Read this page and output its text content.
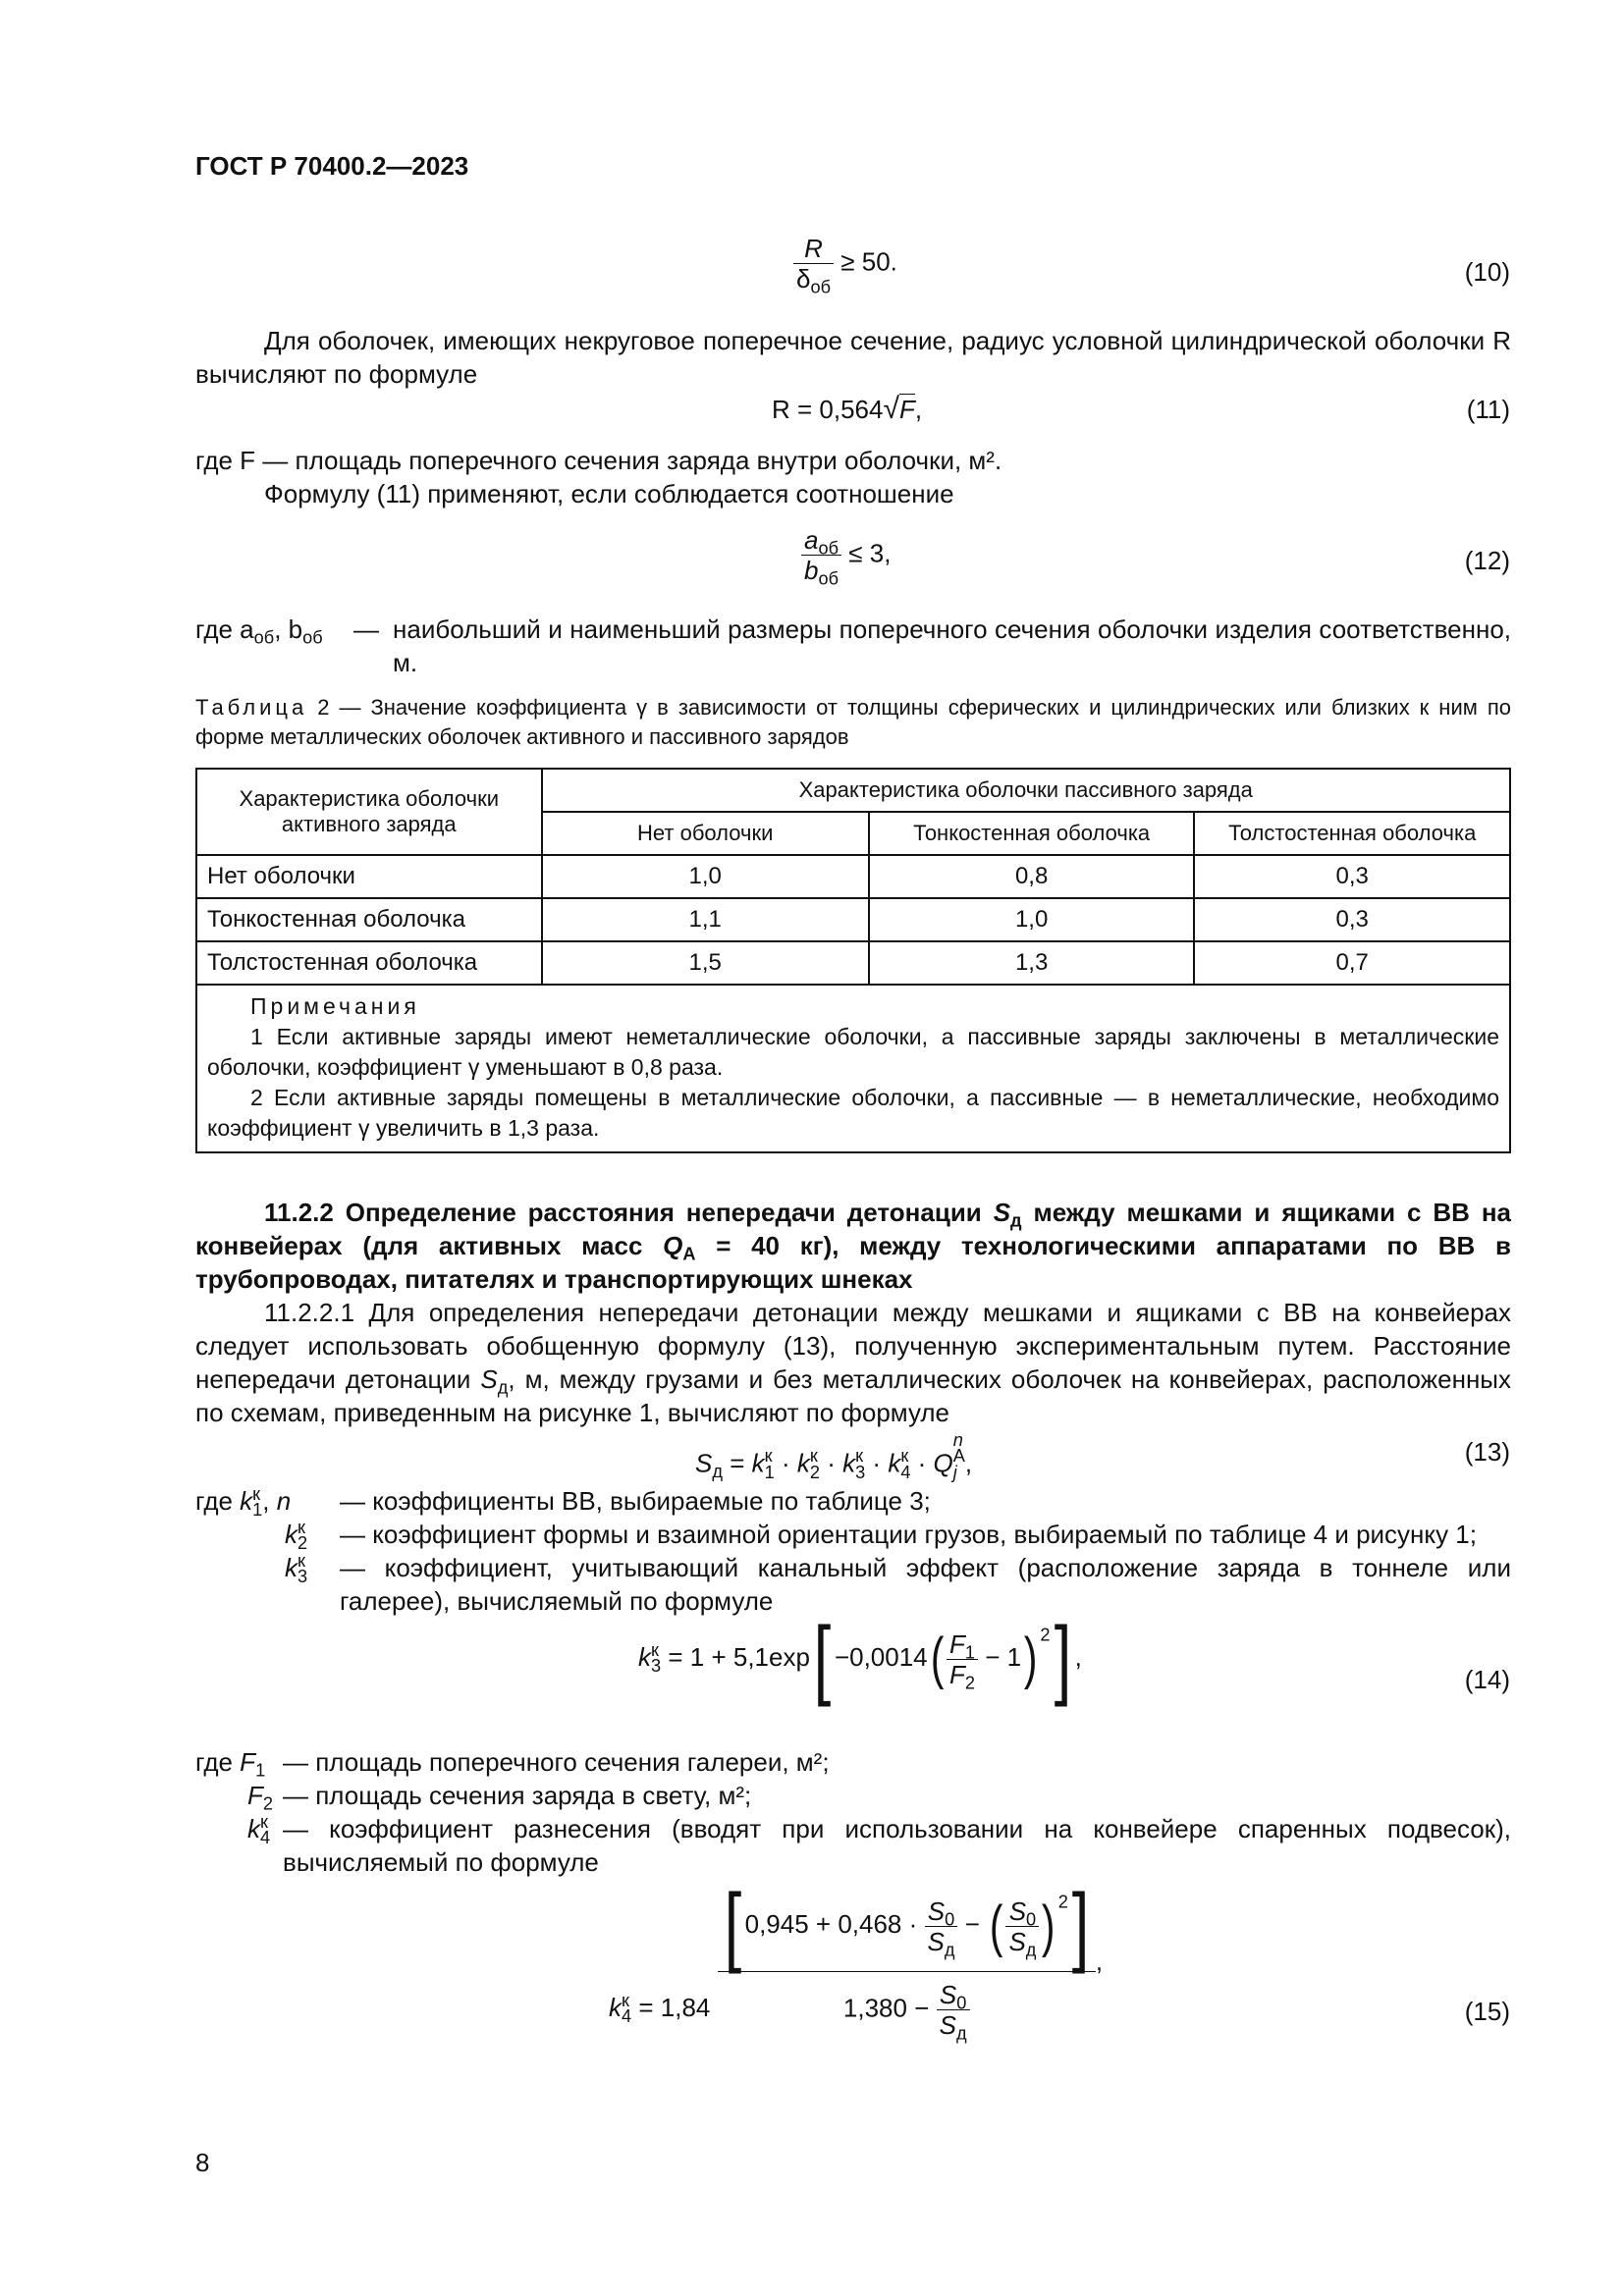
ГОСТ Р 70400.2—2023
$\frac{R}{\delta_{об}} \ge 50$.	(10)
Для оболочек, имеющих некруговое поперечное сечение, радиус условной цилиндрической оболочки R вычисляют по формуле
R = 0,564√F,	(11)
где F — площадь поперечного сечения заряда внутри оболочки, м².
Формулу (11) применяют, если соблюдается соотношение
$\frac{a_{об}}{b_{об}} \le 3$,	(12)
где $a_{об}$, $b_{об}$ — наибольший и наименьший размеры поперечного сечения оболочки изделия соответственно, м.
Таблица 2 — Значение коэффициента γ в зависимости от толщины сферических и цилиндрических или близких к ним по форме металлических оболочек активного и пассивного зарядов
Характеристика оболочки активного заряда	Характеристика оболочки пассивного заряда		
	Нет оболочки	Тонкостенная оболочка	Толстостенная оболочка
Нет оболочки	1,0	0,8	0,3
Тонкостенная оболочка	1,1	1,0	0,3
Толстостенная оболочка	1,5	1,3	0,7

Примечания
1 Если активные заряды имеют неметаллические оболочки, а пассивные заряды заключены в металлические оболочки, коэффициент γ уменьшают в 0,8 раза.
2 Если активные заряды помещены в металлические оболочки, а пассивные — в неметаллические, необходимо коэффициент γ увеличить в 1,3 раза.			
11.2.2 Определение расстояния непередачи детонации $S_д$ между мешками и ящиками с ВВ на конвейерах (для активных масс $Q_A = 40$ кг), между технологическими аппаратами по ВВ в трубопроводах, питателях и транспортирующих шнеках
11.2.2.1 Для определения непередачи детонации между мешками и ящиками с ВВ на конвейерах следует использовать обобщенную формулу (13), полученную экспериментальным путем. Расстояние непередачи детонации $S_д$, м, между грузами и без металлических оболочек на конвейерах, расположенных по схемам, приведенным на рисунке 1, вычисляют по формуле
$S_д = k$ к
1 · k к
2 · k к
3 · k к
4 · Q
n
A
j ,	(13)
где k к
1 , n — коэффициенты ВВ, выбираемые по таблице 3;
k к
2 — коэффициент формы и взаимной ориентации грузов, выбираемый по таблице 4 и рисунку 1;
k к
3 — коэффициент, учитывающий канальный эффект (расположение заряда в тоннеле или галерее), вычисляемый по формуле
k к
$3 = 1 + 5,1\exp[ -0,0014( \frac{F_1}{F_2} - 1)$ $^2$] ,
(14)
где $F_1$ — площадь поперечного сечения галереи, м²;
$F_2$ — площадь сечения заряда в свету, м²;
k к
4 — коэффициент разнесения (вводят при использовании на конвейере спаренных подвесок), вычисляемый по формуле
k к
$4 = 1,84 \frac{[ 0,945 + 0,468 \cdot \frac{S_0}{S_д} - ( \frac{S_0}{S_д} ) ^2]}{1,380 - \frac{S_0}{S_д}}$ ,
(15)
8
